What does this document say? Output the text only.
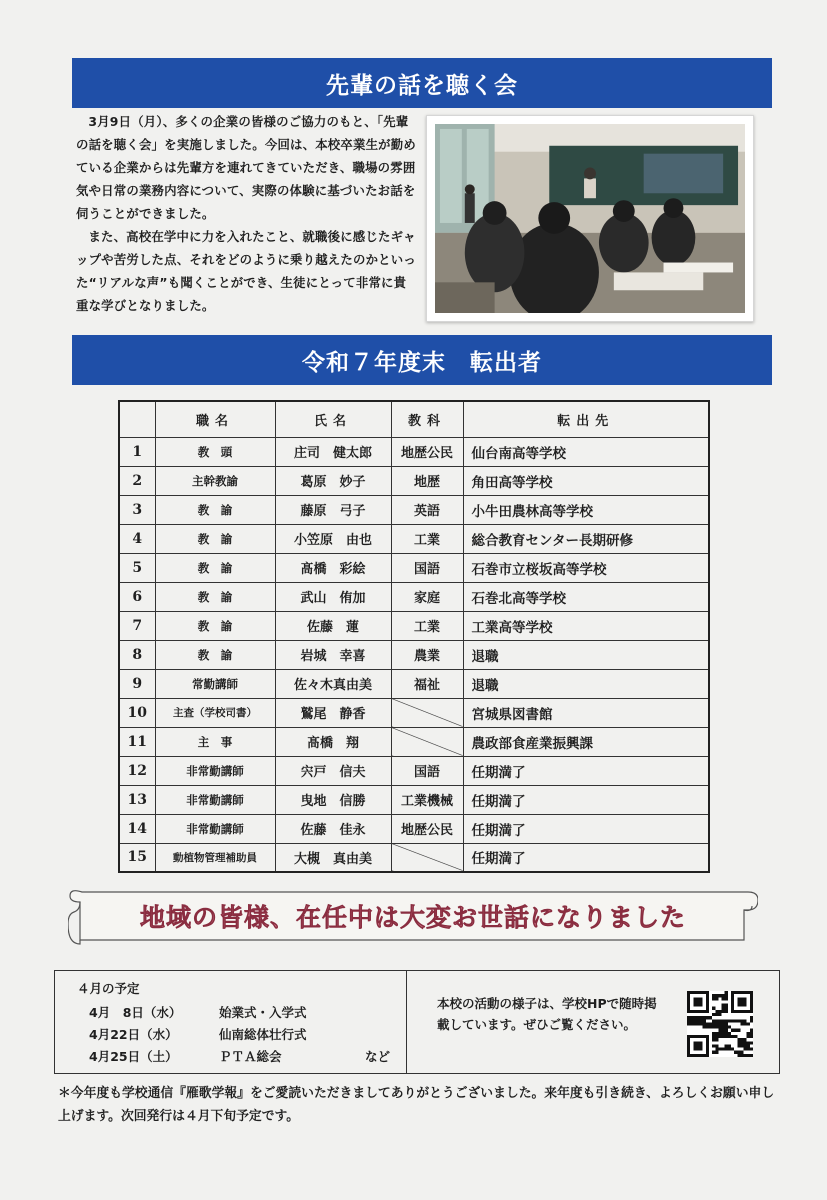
先輩の話を聴く会

3月9日（月）、多くの企業の皆様のご協力のもと、「先輩の話を聴く会」を実施しました。今回は、本校卒業生が勤めている企業からは先輩方を連れてきていただき、職場の雰囲気や日常の業務内容について、実際の体験に基づいたお話を伺うことができました。

また、高校在学中に力を入れたこと、就職後に感じたギャップや苦労した点、それをどのように乗り越えたのかといった“リアルな声”も聞くことができ、生徒にとって非常に貴重な学びとなりました。

令和７年度末　転出者
	職名	氏名	教科	転出先
1	教　頭	庄司　健太郎	地歴公民	仙台南高等学校
2	主幹教諭	葛原　妙子	地歴	角田高等学校
3	教　諭	藤原　弓子	英語	小牛田農林高等学校
4	教　諭	小笠原　由也	工業	総合教育センター長期研修
5	教　諭	髙橋　彩絵	国語	石巻市立桜坂高等学校
6	教　諭	武山　侑加	家庭	石巻北高等学校
7	教　諭	佐藤　蓮	工業	工業高等学校
8	教　諭	岩城　幸喜	農業	退職
9	常勤講師	佐々木真由美	福祉	退職
10	主査（学校司書）	鷲尾　静香		宮城県図書館
11	主　事	髙橋　翔		農政部食産業振興課
12	非常勤講師	宍戸　信夫	国語	任期満了
13	非常勤講師	曳地　信勝	工業機械	任期満了
14	非常勤講師	佐藤　佳永	地歴公民	任期満了
15	動植物管理補助員	大槻　真由美		任期満了
地域の皆様、在任中は大変お世話になりました
４月の予定
4月　8日（水）	始業式・入学式
4月22日（水）	仙南総体壮行式
4月25日（土）	ＰＴＡ総会	など
本校の活動の様子は、学校HPで随時掲載しています。ぜひご覧ください。
＊今年度も学校通信『雁歌学報』をご愛読いただきましてありがとうございました。来年度も引き続き、よろしくお願い申し上げます。次回発行は４月下旬予定です。
